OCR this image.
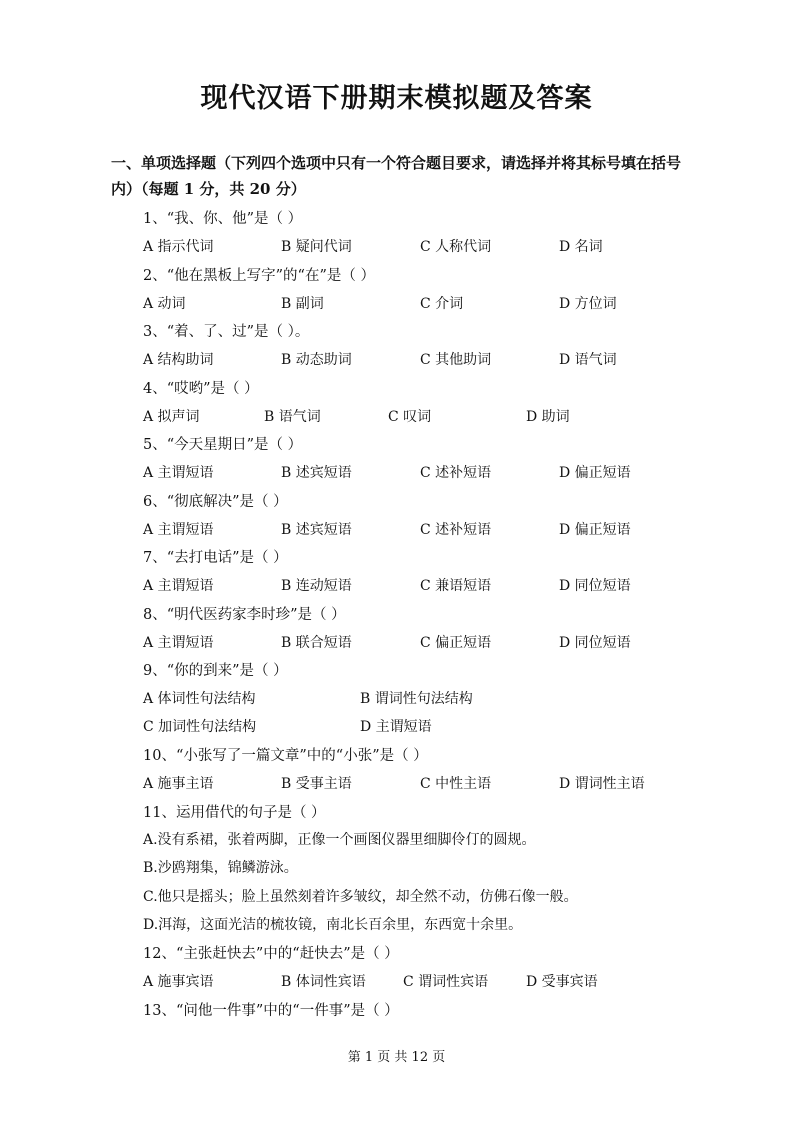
现代汉语下册期末模拟题及答案
一、单项选择题（下列四个选项中只有一个符合题目要求，请选择并将其标号填在括号内）（每题 1 分，共 20 分）
1、“我、你、他”是（ ）
A 指示代词	B 疑问代词	C 人称代词	D 名词
2、“他在黑板上写字”的“在”是（ ）
A 动词	B 副词	C 介词	D 方位词
3、“着、了、过”是（ ）。
A 结构助词	B 动态助词	C 其他助词	D 语气词
4、“哎哟”是（ ）
A 拟声词	B 语气词	C 叹词	D 助词
5、“今天星期日”是（ ）
A 主谓短语	B 述宾短语	C 述补短语	D 偏正短语
6、“彻底解决”是（ ）
A 主谓短语	B 述宾短语	C 述补短语	D 偏正短语
7、“去打电话”是（ ）
A 主谓短语	B 连动短语	C 兼语短语	D 同位短语
8、“明代医药家李时珍”是（ ）
A 主谓短语	B 联合短语	C 偏正短语	D 同位短语
9、“你的到来”是（ ）
A 体词性句法结构	B 谓词性句法结构
C 加词性句法结构	D 主谓短语
10、“小张写了一篇文章”中的“小张”是（ ）
A 施事主语	B 受事主语	C 中性主语	D 谓词性主语
11、运用借代的句子是（ ）
A.没有系裙，张着两脚，正像一个画图仪器里细脚伶仃的圆规。
B.沙鸥翔集，锦鳞游泳。
C.他只是摇头；脸上虽然刻着许多皱纹，却全然不动，仿佛石像一般。
D.洱海，这面光洁的梳妆镜，南北长百余里，东西宽十余里。
12、“主张赶快去”中的“赶快去”是（ ）
A 施事宾语	B 体词性宾语	C 谓词性宾语	D 受事宾语
13、“问他一件事”中的“一件事”是（ ）
第 1 页 共 12 页
